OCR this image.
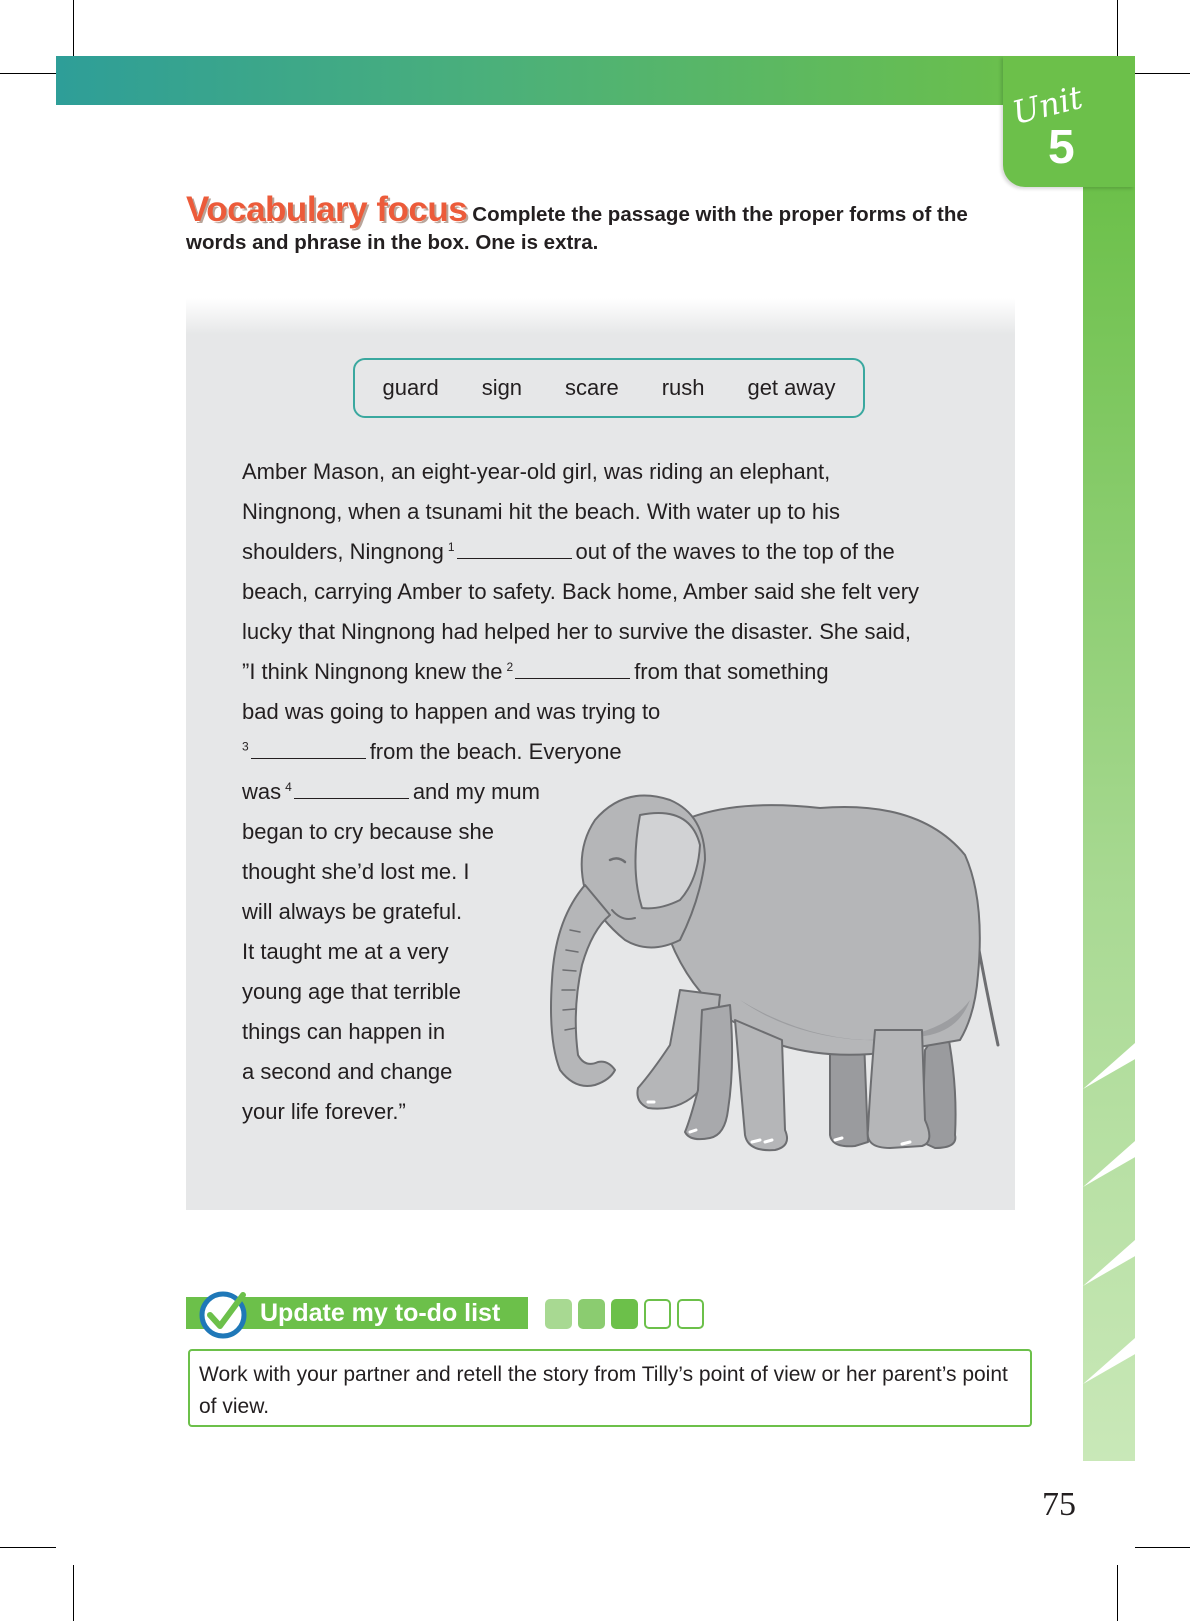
Unit
5
Vocabulary focus Complete the passage with the proper forms of the
words and phrase in the box. One is extra.
guard sign scare rush get away
Amber Mason, an eight-year-old girl, was riding an elephant,
Ningnong, when a tsunami hit the beach. With water up to his
shoulders, Ningnong $^1$	out of the waves to the top of the
beach, carrying Amber to safety. Back home, Amber said she felt very
lucky that Ningnong had helped her to survive the disaster. She said,
”I think Ningnong knew the $^2$	from that something
bad was going to happen and was trying to
$^3$	from the beach. Everyone
was $^4$	and my mum
began to cry because she
thought she’d lost me. I
will always be grateful.
It taught me at a very
young age that terrible
things can happen in
a second and change
your life forever.”
Update my to-do list
Work with your partner and retell the story from Tilly’s point of view or her parent’s point of view.
75
